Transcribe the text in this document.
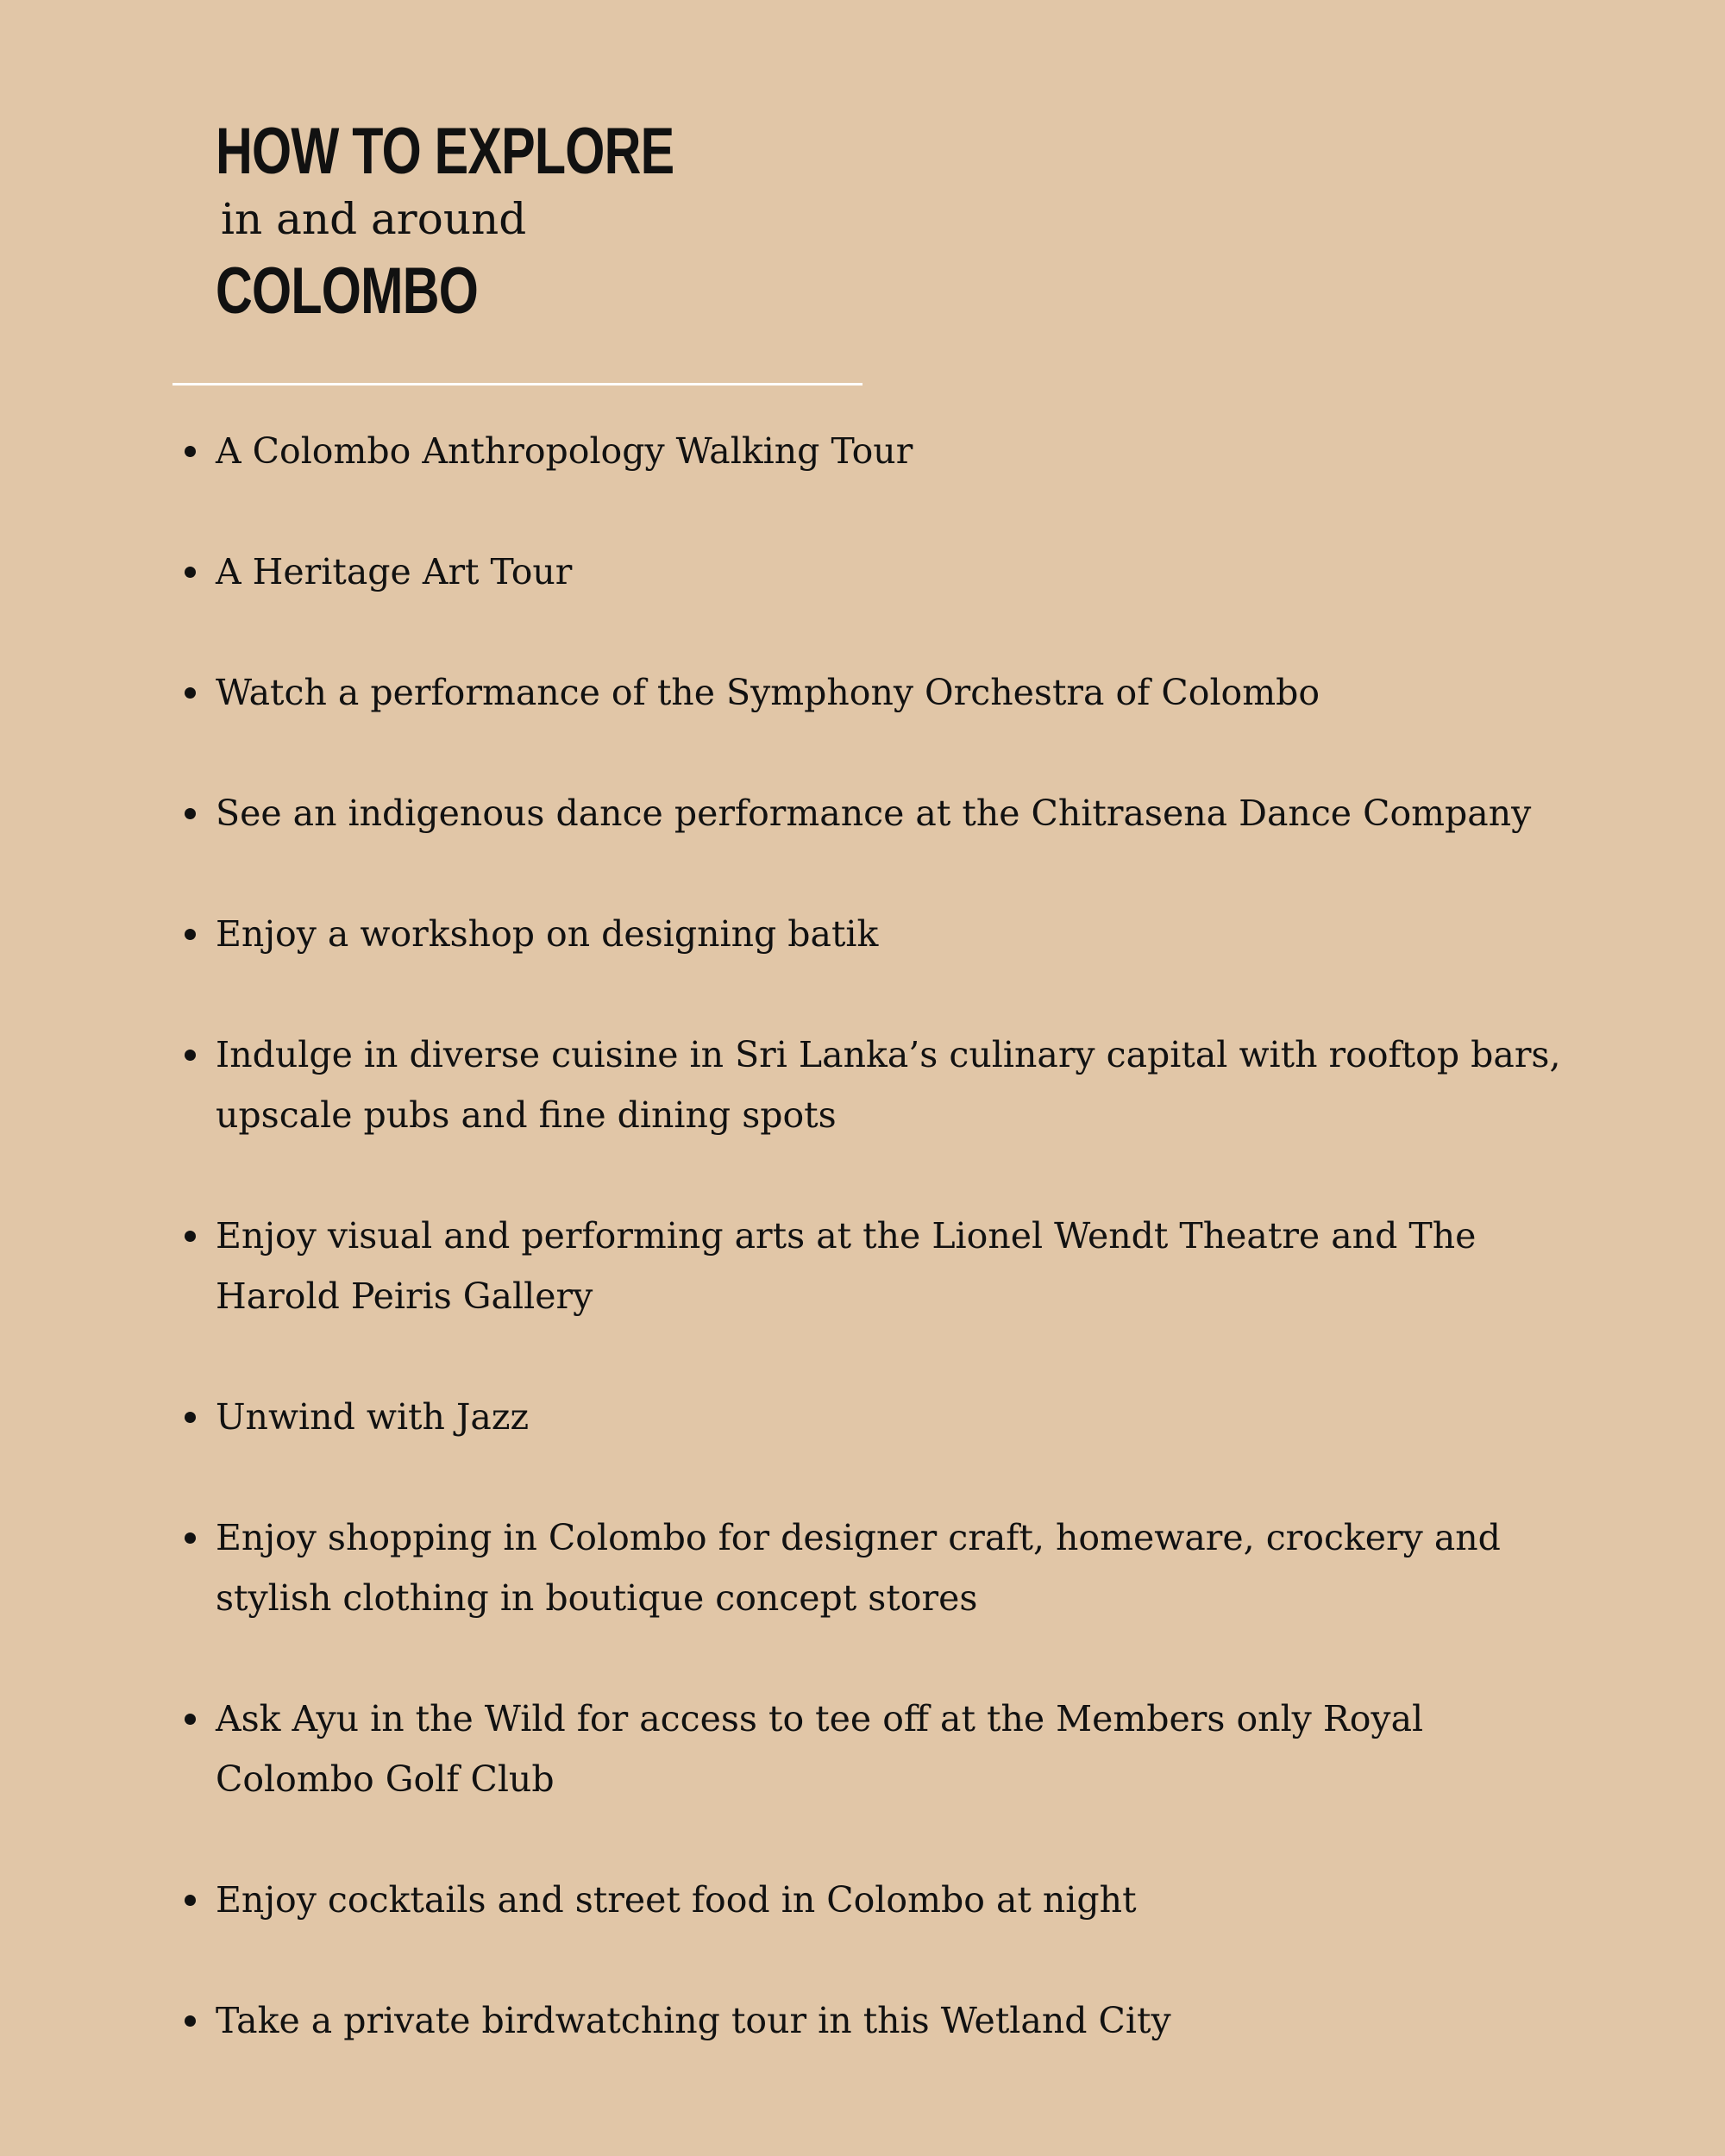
HOW TO EXPLORE

in and around

COLOMBO
A Colombo Anthropology Walking Tour
A Heritage Art Tour
Watch a performance of the Symphony Orchestra of Colombo
See an indigenous dance performance at the Chitrasena Dance Company
Enjoy a workshop on designing batik
Indulge in diverse cuisine in Sri Lanka’s culinary capital with rooftop bars, upscale pubs and fine dining spots
Enjoy visual and performing arts at the Lionel Wendt Theatre and The Harold Peiris Gallery
Unwind with Jazz
Enjoy shopping in Colombo for designer craft, homeware, crockery and stylish clothing in boutique concept stores
Ask Ayu in the Wild for access to tee off at the Members only Royal Colombo Golf Club
Enjoy cocktails and street food in Colombo at night
Take a private birdwatching tour in this Wetland City
